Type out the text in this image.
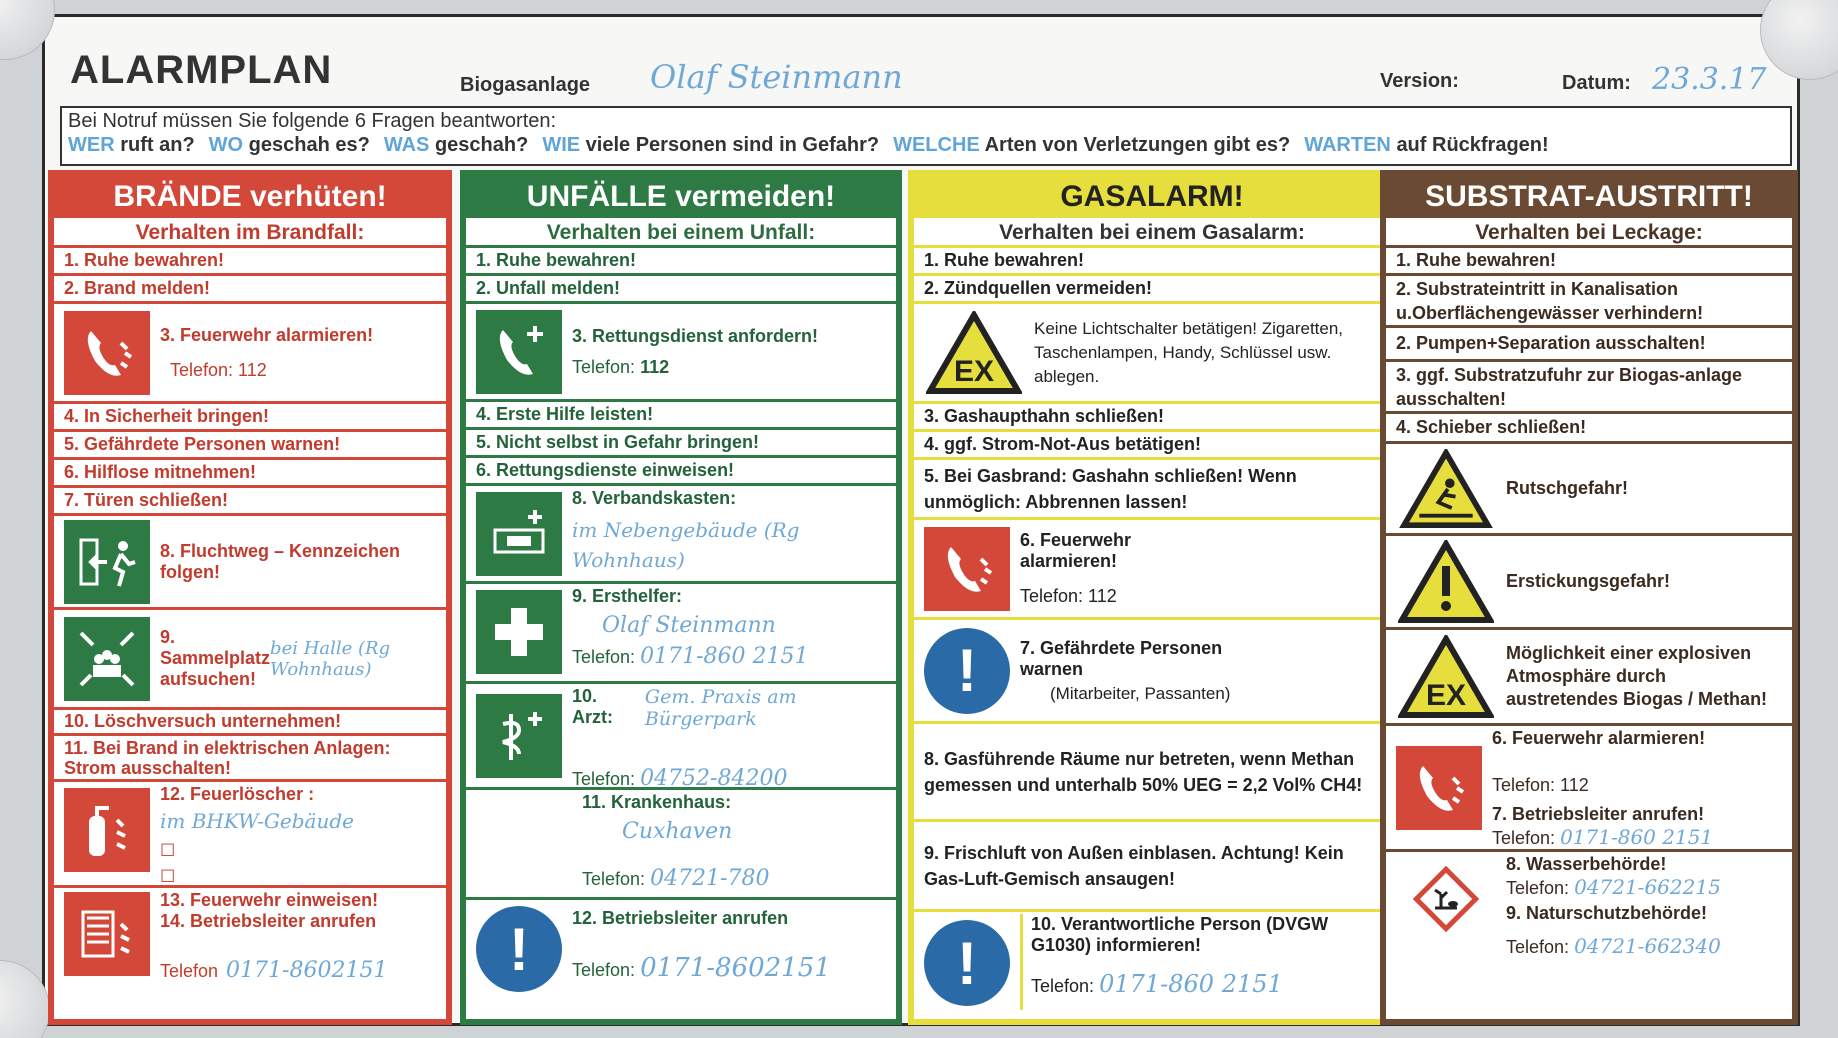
ALARMPLAN	Biogasanlage Olaf Steinmann	Version:	Datum: 23.3.17
Bei Notruf müssen Sie folgende 6 Fragen beantworten:
WER ruft an? WO geschah es? WAS geschah? WIE viele Personen sind in Gefahr? WELCHE Arten von Verletzungen gibt es? WARTEN auf Rückfragen!
BRÄNDE verhüten!
Verhalten im Brandfall:
1. Ruhe bewahren!
2. Brand melden!
3. Feuerwehr alarmieren!
Telefon: 112
4. In Sicherheit bringen!
5. Gefährdete Personen warnen!
6. Hilflose mitnehmen!
7. Türen schließen!
8. Fluchtweg – Kennzeichen folgen!
9. Sammelplatz aufsuchen!
bei Halle (Rg Wohnhaus)
10. Löschversuch unternehmen!
11. Bei Brand in elektrischen Anlagen: Strom ausschalten!
12. Feuerlöscher :
im BHKW-Gebäude
☐
☐
13. Feuerwehr einweisen!
14. Betriebsleiter anrufen
Telefon 0171-8602151
UNFÄLLE vermeiden!
Verhalten bei einem Unfall:
1. Ruhe bewahren!
2. Unfall melden!
3. Rettungsdienst anfordern!
Telefon: 112
4. Erste Hilfe leisten!
5. Nicht selbst in Gefahr bringen!
6. Rettungsdienste einweisen!
8. Verbandskasten:
im Nebengebäude (Rg Wohnhaus)
9. Ersthelfer:
Olaf Steinmann
Telefon: 0171-860 2151
10. Arzt:
Gem. Praxis am Bürgerpark
Telefon: 04752-84200
11. Krankenhaus:
Cuxhaven
Telefon: 04721-780
!	12. Betriebsleiter anrufen
Telefon: 0171-8602151
GASALARM!
Verhalten bei einem Gasalarm:
1. Ruhe bewahren!
2. Zündquellen vermeiden!
EX
Keine Lichtschalter betätigen! Zigaretten, Taschenlampen, Handy, Schlüssel usw. ablegen.
3. Gashaupthahn schließen!
4. ggf. Strom-Not-Aus betätigen!
5. Bei Gasbrand: Gashahn schließen! Wenn unmöglich: Abbrennen lassen!
6. Feuerwehr alarmieren!
Telefon: 112
!	7. Gefährdete Personen warnen
(Mitarbeiter, Passanten)
8. Gasführende Räume nur betreten, wenn Methan gemessen und unterhalb 50% UEG = 2,2 Vol% CH4!
9. Frischluft von Außen einblasen. Achtung! Kein Gas-Luft-Gemisch ansaugen!
!
10. Verantwortliche Person (DVGW G1030) informieren!
Telefon: 0171-860 2151
SUBSTRAT-AUSTRITT!
Verhalten bei Leckage:
1. Ruhe bewahren!
2. Substrateintritt in Kanalisation u.Oberflächengewässer verhindern!
2. Pumpen+Separation ausschalten!
3. ggf. Substratzufuhr zur Biogas-anlage ausschalten!
4. Schieber schließen!
Rutschgefahr!
Erstickungsgefahr!
EX
Möglichkeit einer explosiven Atmosphäre durch austretendes Biogas / Methan!
6. Feuerwehr alarmieren!
Telefon: 112
7. Betriebsleiter anrufen!
Telefon: 0171-860 2151
8. Wasserbehörde!
Telefon: 04721-662215
9. Naturschutzbehörde!
Telefon: 04721-662340
